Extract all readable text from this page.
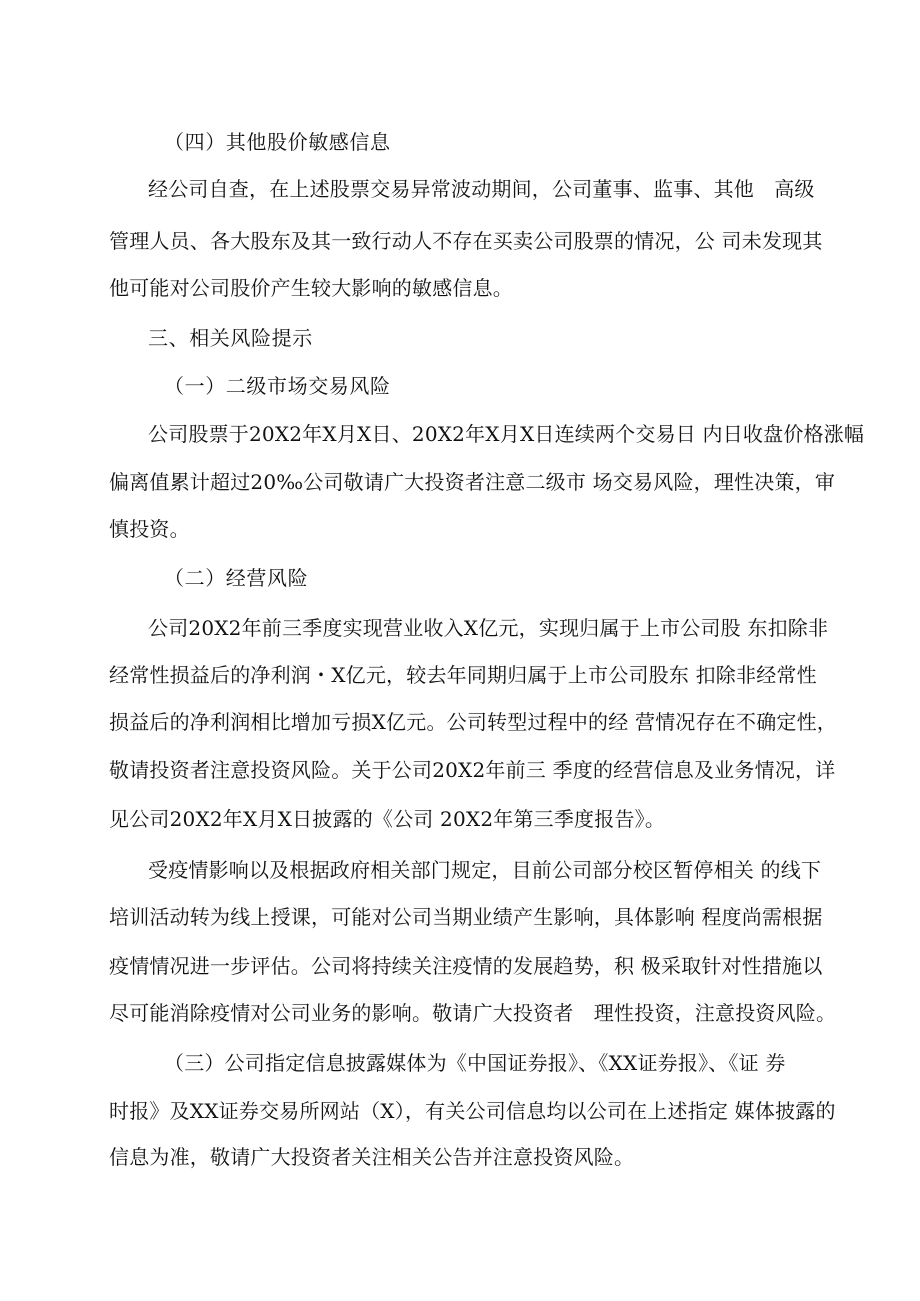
（四）其他股价敏感信息
经公司自查，在上述股票交易异常波动期间，公司董事、监事、其他　高级
管理人员、各大股东及其一致行动人不存在买卖公司股票的情况，公 司未发现其
他可能对公司股价产生较大影响的敏感信息。
三、相关风险提示
（一）二级市场交易风险
公司股票于20X2年X月X日、20X2年X月X日连续两个交易日 内日收盘价格涨幅
偏离值累计超过20‰公司敬请广大投资者注意二级市 场交易风险，理性决策，审
慎投资。
（二）经营风险
公司20X2年前三季度实现营业收入X亿元，实现归属于上市公司股 东扣除非
经常性损益后的净利润・X亿元，较去年同期归属于上市公司股东 扣除非经常性
损益后的净利润相比增加亏损X亿元。公司转型过程中的经 营情况存在不确定性，
敬请投资者注意投资风险。关于公司20X2年前三 季度的经营信息及业务情况，详
见公司20X2年X月X日披露的《公司 20X2年第三季度报告》。
受疫情影响以及根据政府相关部门规定，目前公司部分校区暂停相关 的线下
培训活动转为线上授课，可能对公司当期业绩产生影响，具体影响 程度尚需根据
疫情情况进一步评估。公司将持续关注疫情的发展趋势，积 极采取针对性措施以
尽可能消除疫情对公司业务的影响。敬请广大投资者　理性投资，注意投资风险。
（三）公司指定信息披露媒体为《中国证券报》、《XX证券报》、《证 券
时报》及XX证券交易所网站（X），有关公司信息均以公司在上述指定 媒体披露的
信息为准，敬请广大投资者关注相关公告并注意投资风险。
